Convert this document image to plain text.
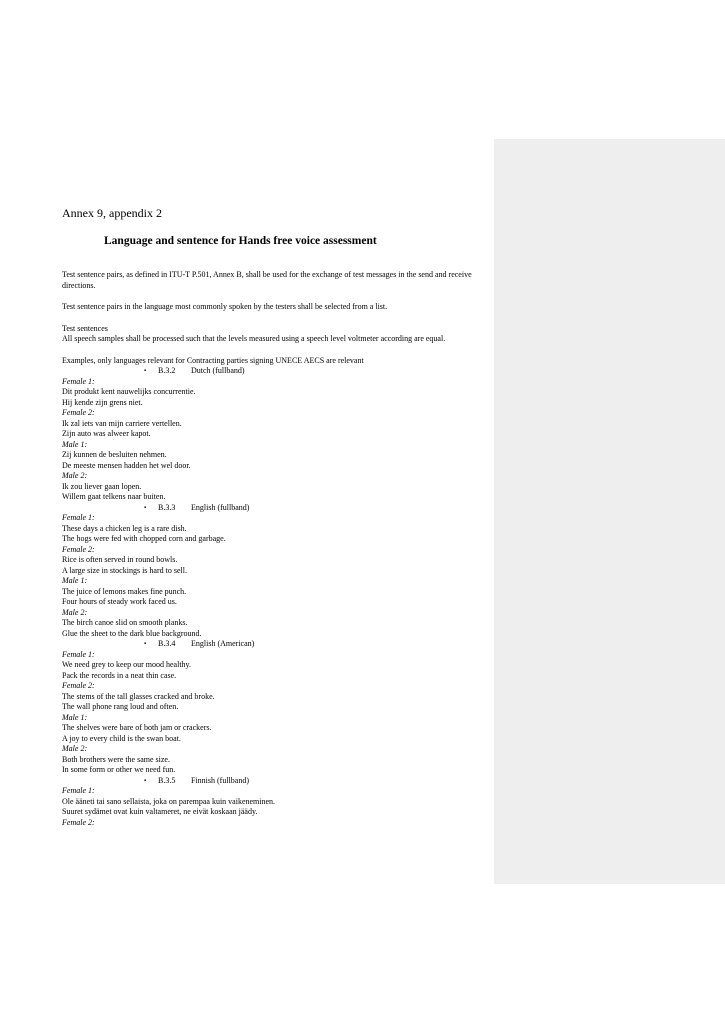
Annex 9, appendix 2
Language and sentence for Hands free voice assessment

Test sentence pairs, as defined in ITU-T P.501, Annex B, shall be used for the exchange of test messages in the send and receive directions.

Test sentence pairs in the language most commonly spoken by the testers shall be selected from a list.

Test sentences

All speech samples shall be processed such that the levels measured using a speech level voltmeter according are equal.

Examples, only languages relevant for Contracting parties signing UNECE AECS are relevant

▪	B.3.2	Dutch (fullband)

Female 1:

Dit produkt kent nauwelijks concurrentie.

Hij kende zijn grens niet.

Female 2:

Ik zal iets van mijn carriere vertellen.

Zijn auto was alweer kapot.

Male 1:

Zij kunnen de besluiten nehmen.

De meeste mensen hadden het wel door.

Male 2:

Ik zou liever gaan lopen.

Willem gaat telkens naar buiten.

▪	B.3.3	English (fullband)

Female 1:

These days a chicken leg is a rare dish.

The hogs were fed with chopped corn and garbage.

Female 2:

Rice is often served in round bowls.

A large size in stockings is hard to sell.

Male 1:

The juice of lemons makes fine punch.

Four hours of steady work faced us.

Male 2:

The birch canoe slid on smooth planks.

Glue the sheet to the dark blue background.

▪	B.3.4	English (American)

Female 1:

We need grey to keep our mood healthy.

Pack the records in a neat thin case.

Female 2:

The stems of the tall glasses cracked and broke.

The wall phone rang loud and often.

Male 1:

The shelves were bare of both jam or crackers.

A joy to every child is the swan boat.

Male 2:

Both brothers were the same size.

In some form or other we need fun.

▪	B.3.5	Finnish (fullband)

Female 1:

Ole ääneti tai sano sellaista, joka on parempaa kuin vaikeneminen.

Suuret sydämet ovat kuin valtameret, ne eivät koskaan jäädy.

Female 2:
